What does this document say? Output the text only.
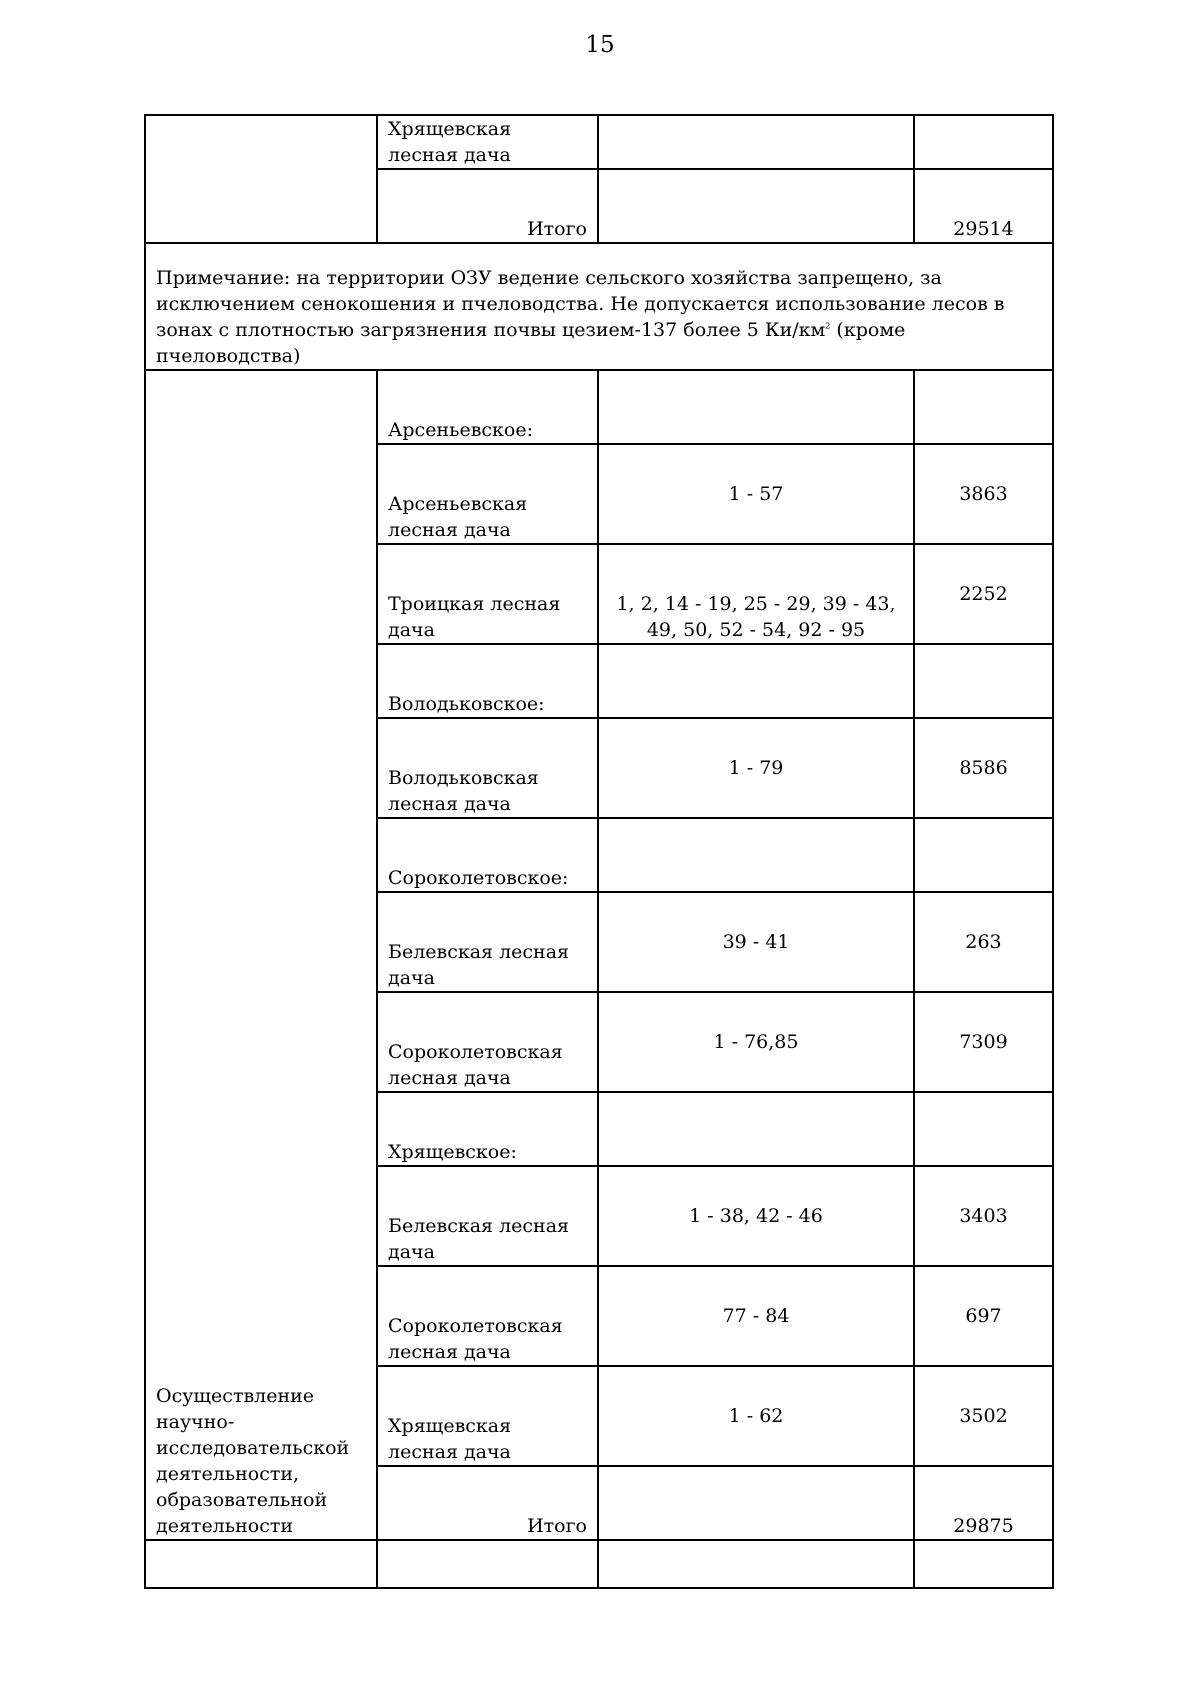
15
	Хрящевская лесная дача		
	Итого		29514
Примечание: на территории ОЗУ ведение сельского хозяйства запрещено, за исключением сенокошения и пчеловодства. Не допускается использование лесов в зонах с плотностью загрязнения почвы цезием-137 более 5 $Ки/км^2$ (кроме пчеловодства)			
Осуществление научно-исследовательской деятельности, образовательной деятельности	Арсеньевское:		
	Арсеньевская лесная дача	1 - 57	3863
	Троицкая лесная дача	1, 2, 14 - 19, 25 - 29, 39 - 43, 49, 50, 52 - 54, 92 - 95	2252
	Володьковское:		
	Володьковская лесная дача	1 - 79	8586
	Сороколетовское:		
	Белевская лесная дача	39 - 41	263
	Сороколетовская лесная дача	1 - 76,85	7309
	Хрящевское:		
	Белевская лесная дача	1 - 38, 42 - 46	3403
	Сороколетовская лесная дача	77 - 84	697
	Хрящевская лесная дача	1 - 62	3502
	Итого		29875
